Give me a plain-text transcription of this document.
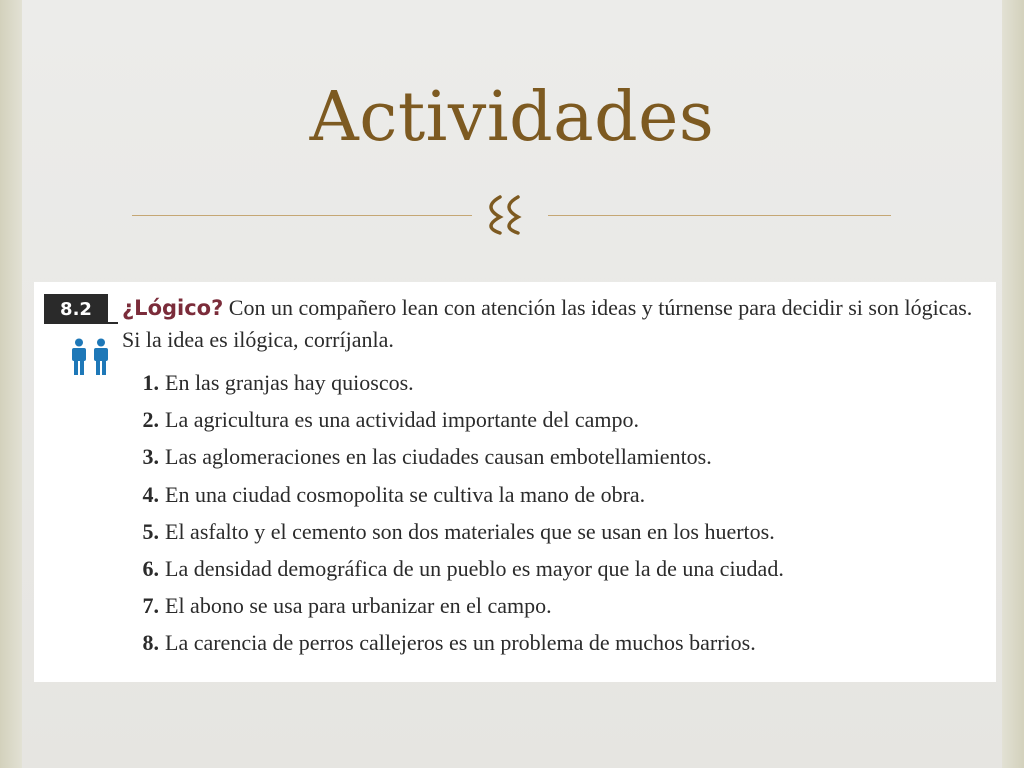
Actividades
8.2	¿Lógico? Con un compañero lean con atención las ideas y túrnense para decidir si son lógicas. Si la idea es ilógica, corríjanla.
1. En las granjas hay quioscos.
2. La agricultura es una actividad importante del campo.
3. Las aglomeraciones en las ciudades causan embotellamientos.
4. En una ciudad cosmopolita se cultiva la mano de obra.
5. El asfalto y el cemento son dos materiales que se usan en los huertos.
6. La densidad demográfica de un pueblo es mayor que la de una ciudad.
7. El abono se usa para urbanizar en el campo.
8. La carencia de perros callejeros es un problema de muchos barrios.
